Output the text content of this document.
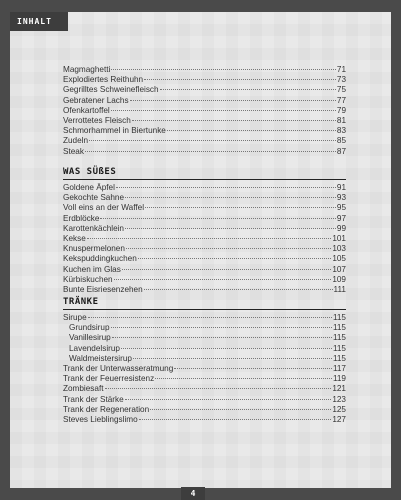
INHALT
Magmaghetti	71
Explodiertes Reithuhn	73
Gegrilltes Schweinefleisch	75
Gebratener Lachs	77
Ofenkartoffel	79
Verrottetes Fleisch	81
Schmorhammel in Biertunke	83
Zudeln	85
Steak	87
WAS SÜßES
Goldene Äpfel	91
Gekochte Sahne	93
Voll eins an der Waffel	95
Erdblöcke	97
Karottenkächlein	99
Kekse	101
Knuspermelonen	103
Kekspuddingkuchen	105
Kuchen im Glas	107
Kürbiskuchen	109
Bunte Eisriesenzehen	111
TRÄNKE
Sirupe	115
Grundsirup	115
Vanillesirup	115
Lavendelsirup	115
Waldmeistersirup	115
Trank der Unterwasseratmung	117
Trank der Feuerresistenz	119
Zombiesaft	121
Trank der Stärke	123
Trank der Regeneration	125
Steves Lieblingslimo	127
4
